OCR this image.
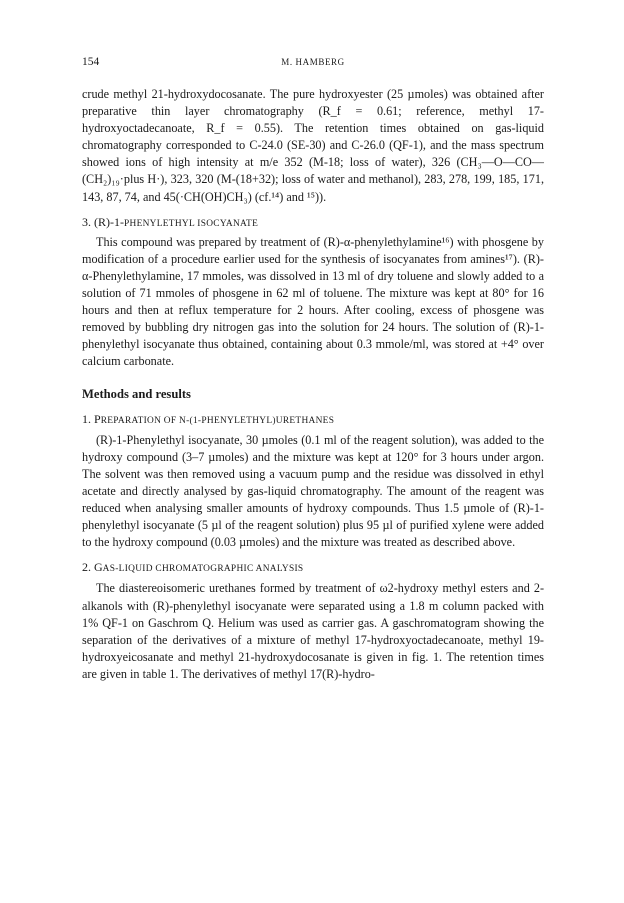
154	M. HAMBERG

crude methyl 21-hydroxydocosanate. The pure hydroxyester (25 µmoles) was obtained after preparative thin layer chromatography (R_f = 0.61; reference, methyl 17-hydroxyoctadecanoate, R_f = 0.55). The retention times obtained on gas-liquid chromatography corresponded to C-24.0 (SE-30) and C-26.0 (QF-1), and the mass spectrum showed ions of high intensity at m/e 352 (M-18; loss of water), 326 (CH₃—O—CO—(CH₂)₁₉·plus H·), 323, 320 (M-(18+32); loss of water and methanol), 283, 278, 199, 185, 171, 143, 87, 74, and 45(·CH(OH)CH₃) (cf.¹⁴) and ¹⁵)).

3. (R)-1-PHENYLETHYL ISOCYANATE

This compound was prepared by treatment of (R)-α-phenylethylamine¹⁶) with phosgene by modification of a procedure earlier used for the synthesis of isocyanates from amines¹⁷). (R)-α-Phenylethylamine, 17 mmoles, was dissolved in 13 ml of dry toluene and slowly added to a solution of 71 mmoles of phosgene in 62 ml of toluene. The mixture was kept at 80° for 16 hours and then at reflux temperature for 2 hours. After cooling, excess of phosgene was removed by bubbling dry nitrogen gas into the solution for 24 hours. The solution of (R)-1-phenylethyl isocyanate thus obtained, containing about 0.3 mmole/ml, was stored at +4° over calcium carbonate.

Methods and results
1. PREPARATION OF N-(1-PHENYLETHYL)URETHANES

(R)-1-Phenylethyl isocyanate, 30 µmoles (0.1 ml of the reagent solution), was added to the hydroxy compound (3–7 µmoles) and the mixture was kept at 120° for 3 hours under argon. The solvent was then removed using a vacuum pump and the residue was dissolved in ethyl acetate and directly analysed by gas-liquid chromatography. The amount of the reagent was reduced when analysing smaller amounts of hydroxy compounds. Thus 1.5 µmole of (R)-1-phenylethyl isocyanate (5 µl of the reagent solution) plus 95 µl of purified xylene were added to the hydroxy compound (0.03 µmoles) and the mixture was treated as described above.

2. GAS-LIQUID CHROMATOGRAPHIC ANALYSIS

The diastereoisomeric urethanes formed by treatment of ω2-hydroxy methyl esters and 2-alkanols with (R)-phenylethyl isocyanate were separated using a 1.8 m column packed with 1% QF-1 on Gaschrom Q. Helium was used as carrier gas. A gaschromatogram showing the separation of the derivatives of a mixture of methyl 17-hydroxyoctadecanoate, methyl 19-hydroxyeicosanate and methyl 21-hydroxydocosanate is given in fig. 1. The retention times are given in table 1. The derivatives of methyl 17(R)-hydro-
